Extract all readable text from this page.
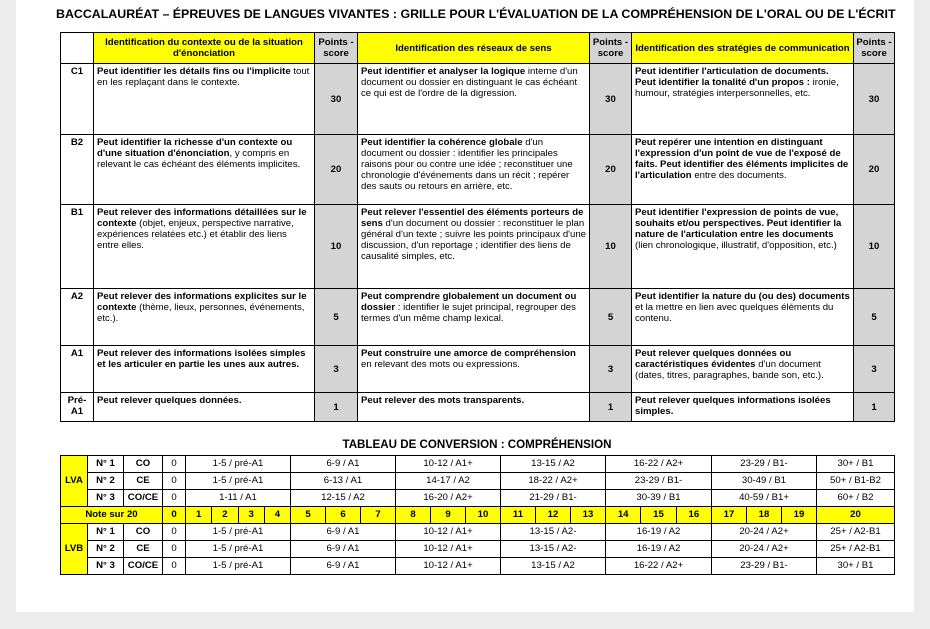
BACCALAURÉAT – ÉPREUVES DE LANGUES VIVANTES : GRILLE POUR L'ÉVALUATION DE LA COMPRÉHENSION DE L'ORAL OU DE L'ÉCRIT
	Identification du contexte ou de la situation d'énonciation	Points -score	Identification des réseaux de sens	Points -score	Identification des stratégies de communication	Points -score
C1	Peut identifier les détails fins ou l'implicite tout en les replaçant dans le contexte.	30	Peut identifier et analyser la logique interne d'un document ou dossier en distinguant le cas échéant ce qui est de l'ordre de la digression.	30	Peut identifier l'articulation de documents. Peut identifier la tonalité d'un propos : ironie, humour, stratégies interpersonnelles, etc.	30
B2	Peut identifier la richesse d'un contexte ou d'une situation d'énonciation, y compris en relevant le cas échéant des éléments implicites.	20	Peut identifier la cohérence globale d'un document ou dossier : identifier les principales raisons pour ou contre une idée ; reconstituer une chronologie d'événements dans un récit ; repérer des sauts ou retours en arrière, etc.	20	Peut repérer une intention en distinguant l'expression d'un point de vue de l'exposé de faits. Peut identifier des éléments implicites de l'articulation entre des documents.	20
B1	Peut relever des informations détaillées sur le contexte (objet, enjeux, perspective narrative, expériences relatées etc.) et établir des liens entre elles.	10	Peut relever l'essentiel des éléments porteurs de sens d'un document ou dossier : reconstituer le plan général d'un texte ; suivre les points principaux d'une discussion, d'un reportage ; identifier des liens de causalité simples, etc.	10	Peut identifier l'expression de points de vue, souhaits et/ou perspectives. Peut identifier la nature de l'articulation entre les documents (lien chronologique, illustratif, d'opposition, etc.)	10
A2	Peut relever des informations explicites sur le contexte (thème, lieux, personnes, événements, etc.).	5	Peut comprendre globalement un document ou dossier : identifier le sujet principal, regrouper des termes d'un même champ lexical.	5	Peut identifier la nature du (ou des) documents et la mettre en lien avec quelques éléments du contenu.	5
A1	Peut relever des informations isolées simples et les articuler en partie les unes aux autres.	3	Peut construire une amorce de compréhension en relevant des mots ou expressions.	3	Peut relever quelques données ou caractéristiques évidentes d'un document (dates, titres, paragraphes, bande son, etc.).	3
Pré-A1	Peut relever quelques données.	1	Peut relever des mots transparents.	1	Peut relever quelques informations isolées simples.	1
TABLEAU DE CONVERSION : COMPRÉHENSION
LVA	N° 1	CO	0	1-5 / pré-A1	6-9 / A1	10-12 / A1+	13-15 / A2	16-22 / A2+	23-29 / B1-	30+ / B1
	N° 2	CE	0	1-5 / pré-A1	6-13 / A1	14-17 / A2	18-22 / A2+	23-29 / B1-	30-49 / B1	50+ / B1-B2
	N° 3	CO/CE	0	1-11 / A1	12-15 / A2	16-20 / A2+	21-29 / B1-	30-39 / B1	40-59 / B1+	60+ / B2
Note sur 20			0	1 2 3 4	5 6 7	8 9 10	11 12 13	14 15 16	17 18 19	20
LVB	N° 1	CO	0	1-5 / pré-A1	6-9 / A1	10-12 / A1+	13-15 / A2-	16-19 / A2	20-24 / A2+	25+ / A2-B1
	N° 2	CE	0	1-5 / pré-A1	6-9 / A1	10-12 / A1+	13-15 / A2-	16-19 / A2	20-24 / A2+	25+ / A2-B1
	N° 3	CO/CE	0	1-5 / pré-A1	6-9 / A1	10-12 / A1+	13-15 / A2	16-22 / A2+	23-29 / B1-	30+ / B1
